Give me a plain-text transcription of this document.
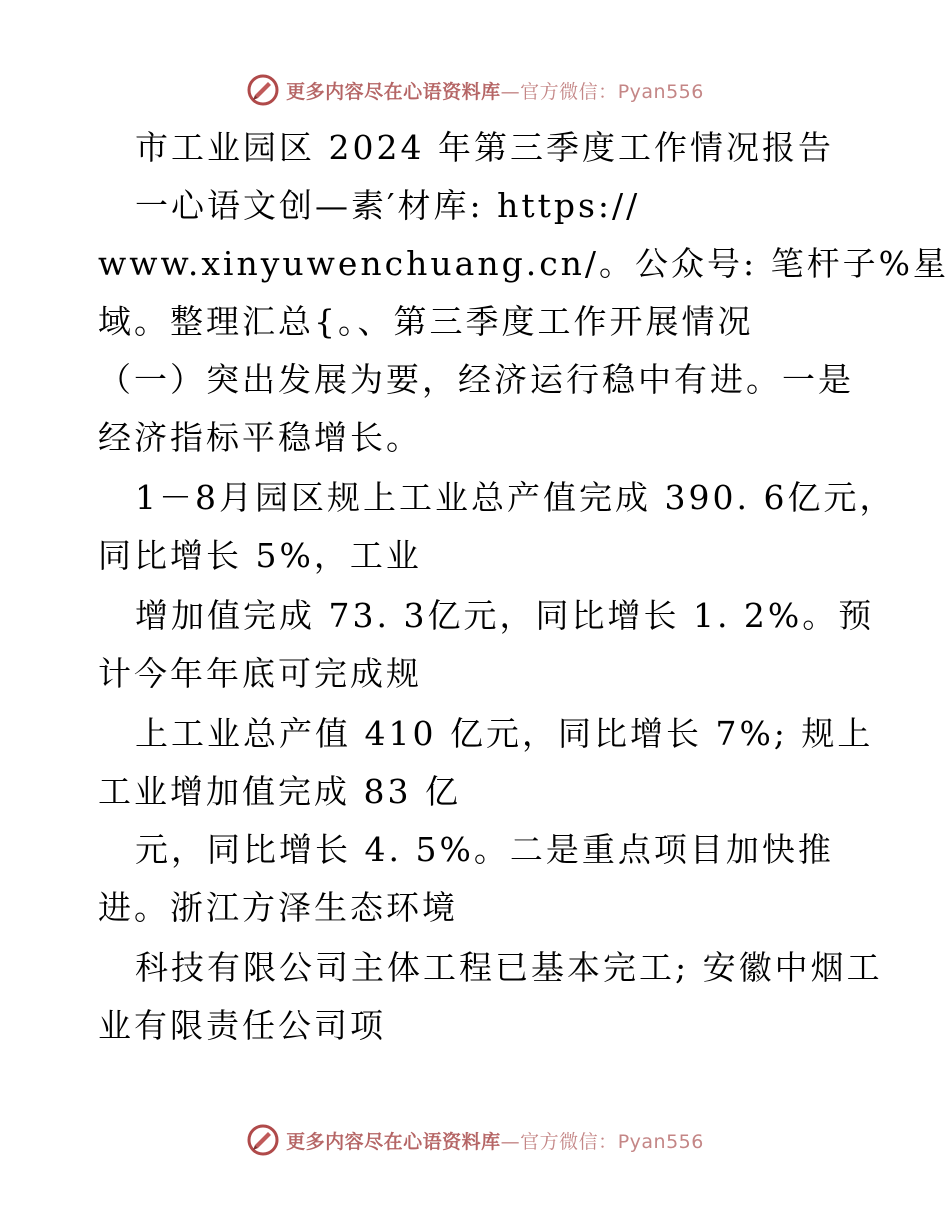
更多内容尽在心语资料库—官方微信：Pyan556
市工业园区 2024 年第三季度工作情况报告
一心语文创—素′材库: https://
www.xinyuwenchuang.cn/。公众号: 笔杆子%星
域。整理汇总{。、第三季度工作开展情况
（一）突出发展为要，经济运行稳中有进。一是
经济指标平稳增长。
1－8月园区规上工业总产值完成 390. 6亿元，
同比增长 5%，工业
增加值完成 73. 3亿元，同比增长 1. 2%。预
计今年年底可完成规
上工业总产值 410 亿元，同比增长 7%; 规上
工业增加值完成 83 亿
元，同比增长 4. 5%。二是重点项目加快推
进。浙江方泽生态环境
科技有限公司主体工程已基本完工; 安徽中烟工
业有限责任公司项
更多内容尽在心语资料库—官方微信：Pyan556
